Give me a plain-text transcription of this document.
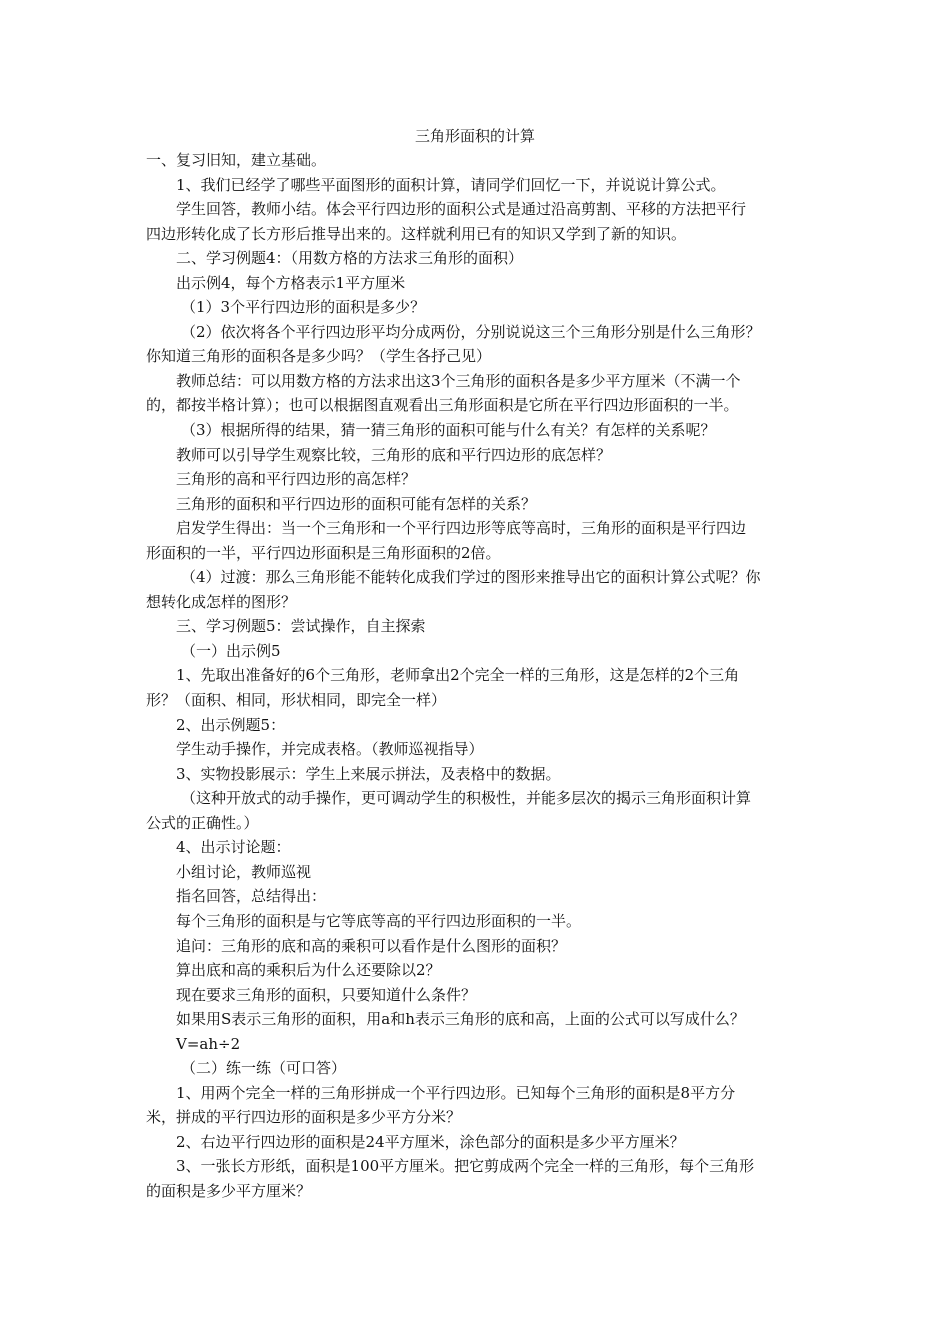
三角形面积的计算
一、复习旧知，建立基础。
1、我们已经学了哪些平面图形的面积计算，请同学们回忆一下，并说说计算公式。
学生回答，教师小结。体会平行四边形的面积公式是通过沿高剪割、平移的方法把平行
四边形转化成了长方形后推导出来的。这样就利用已有的知识又学到了新的知识。
二、学习例题4：（用数方格的方法求三角形的面积）
出示例4，每个方格表示1平方厘米
（1）3个平行四边形的面积是多少？
（2）依次将各个平行四边形平均分成两份，分别说说这三个三角形分别是什么三角形？
你知道三角形的面积各是多少吗？（学生各抒己见）
教师总结：可以用数方格的方法求出这3个三角形的面积各是多少平方厘米（不满一个
的，都按半格计算）；也可以根据图直观看出三角形面积是它所在平行四边形面积的一半。
（3）根据所得的结果，猜一猜三角形的面积可能与什么有关？有怎样的关系呢？
教师可以引导学生观察比较，三角形的底和平行四边形的底怎样？
三角形的高和平行四边形的高怎样？
三角形的面积和平行四边形的面积可能有怎样的关系？
启发学生得出：当一个三角形和一个平行四边形等底等高时，三角形的面积是平行四边
形面积的一半，平行四边形面积是三角形面积的2倍。
（4）过渡：那么三角形能不能转化成我们学过的图形来推导出它的面积计算公式呢？你
想转化成怎样的图形？
三、学习例题5：尝试操作，自主探索
（一）出示例5
1、先取出准备好的6个三角形，老师拿出2个完全一样的三角形，这是怎样的2个三角
形？（面积、相同，形状相同，即完全一样）
2、出示例题5：
学生动手操作，并完成表格。（教师巡视指导）
3、实物投影展示：学生上来展示拼法，及表格中的数据。
（这种开放式的动手操作，更可调动学生的积极性，并能多层次的揭示三角形面积计算
公式的正确性。）
4、出示讨论题：
小组讨论，教师巡视
指名回答，总结得出：
每个三角形的面积是与它等底等高的平行四边形面积的一半。
追问：三角形的底和高的乘积可以看作是什么图形的面积？
算出底和高的乘积后为什么还要除以2？
现在要求三角形的面积，只要知道什么条件？
如果用S表示三角形的面积，用a和h表示三角形的底和高，上面的公式可以写成什么？
V=ah÷2
（二）练一练（可口答）
1、用两个完全一样的三角形拼成一个平行四边形。已知每个三角形的面积是8平方分
米，拼成的平行四边形的面积是多少平方分米？
2、右边平行四边形的面积是24平方厘米，涂色部分的面积是多少平方厘米？
3、一张长方形纸，面积是100平方厘米。把它剪成两个完全一样的三角形，每个三角形
的面积是多少平方厘米？
